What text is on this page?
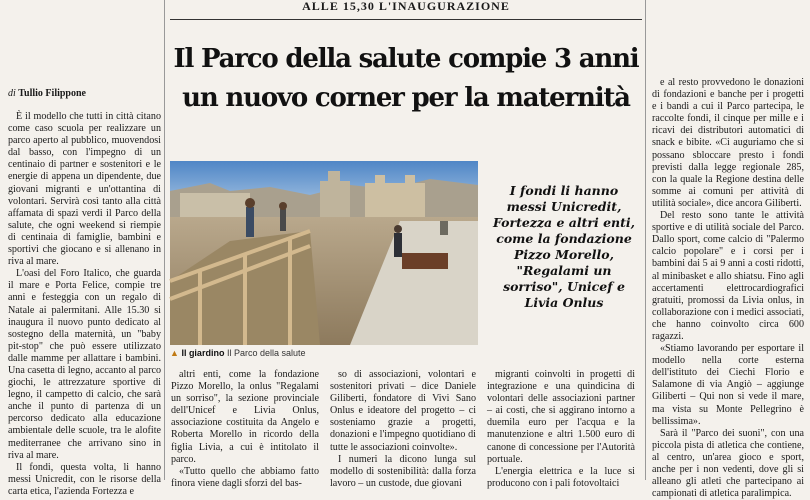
ALLE 15,30 L'INAUGURAZIONE
Il Parco della salute compie 3 anni
un nuovo corner per la maternità
di Tullio Filippone

È il modello che tutti in città citano come caso scuola per realizzare un parco aperto al pubblico, muovendosi dal basso, con l'impegno di un centinaio di partner e sostenitori e le energie di appena un dipendente, due giovani migranti e un'ottantina di volontari. Servirà così tanto alla città affamata di spazi verdi il Parco della salute, che ogni weekend si riempie di centinaia di famiglie, bambini e sportivi che giocano e si allenano in riva al mare.

L'oasi del Foro Italico, che guarda il mare e Porta Felice, compie tre anni e festeggia con un regalo di Natale ai palermitani. Alle 15.30 si inaugura il nuovo punto dedicato al sostegno della maternità, un "baby pit-stop" che può essere utilizzato dalle mamme per allattare i bambini. Una casetta di legno, accanto al parco giochi, le attrezzature sportive di legno, il campetto di calcio, che sarà anche il punto di partenza di un percorso dedicato alla educazione ambientale delle scuole, tra le alofite mediterranee che arrivano sino in riva al mare.

Il fondi, questa volta, li hanno messi Unicredit, con le risorse della carta etica, l'azienda Fortezza e

▲ Il giardino Il Parco della salute
I fondi li hanno messi Unicredit, Fortezza e altri enti, come la fondazione Pizzo Morello, "Regalami un sorriso", Unicef e Livia Onlus

altri enti, come la fondazione Pizzo Morello, la onlus "Regalami un sorriso", la sezione provinciale dell'Unicef e Livia Onlus, associazione costituita da Angelo e Roberta Morello in ricordo della figlia Livia, a cui è intitolato il parco.

«Tutto quello che abbiamo fatto finora viene dagli sforzi del bas-

so di associazioni, volontari e sostenitori privati – dice Daniele Giliberti, fondatore di Vivi Sano Onlus e ideatore del progetto – ci sosteniamo grazie a progetti, donazioni e l'impegno quotidiano di tutte le associazioni coinvolte».

I numeri la dicono lunga sul modello di sostenibilità: dalla forza lavoro – un custode, due giovani

migranti coinvolti in progetti di integrazione e una quindicina di volontari delle associazioni partner – ai costi, che si aggirano intorno a duemila euro per l'acqua e la manutenzione e altri 1.500 euro di canone di concessione per l'Autorità portuale.

L'energia elettrica e la luce si producono con i pali fotovoltaici

e al resto provvedono le donazioni di fondazioni e banche per i progetti e i bandi a cui il Parco partecipa, le raccolte fondi, il cinque per mille e i ricavi dei distributori automatici di snack e bibite. «Ci auguriamo che si possano sbloccare presto i fondi previsti dalla legge regionale 285, con la quale la Regione destina delle somme ai comuni per attività di utilità sociale», dice ancora Giliberti.

Del resto sono tante le attività sportive e di utilità sociale del Parco. Dallo sport, come calcio di "Palermo calcio popolare" e i corsi per i bambini dai 5 ai 9 anni a costi ridotti, al minibasket e allo shiatsu. Fino agli accertamenti elettrocardiografici gratuiti, promossi da Livia onlus, in collaborazione con i medici associati, che hanno coinvolto circa 600 ragazzi.

«Stiamo lavorando per esportare il modello nella corte esterna dell'istituto dei Ciechi Florio e Salamone di via Angiò – aggiunge Giliberti – Qui non si vede il mare, ma vista su Monte Pellegrino è bellissima».

Sarà il "Parco dei suoni", con una piccola pista di atletica che contiene, al centro, un'area gioco e sport, anche per i non vedenti, dove gli si alleano gli atleti che partecipano ai campionati di atletica paralimpica.
